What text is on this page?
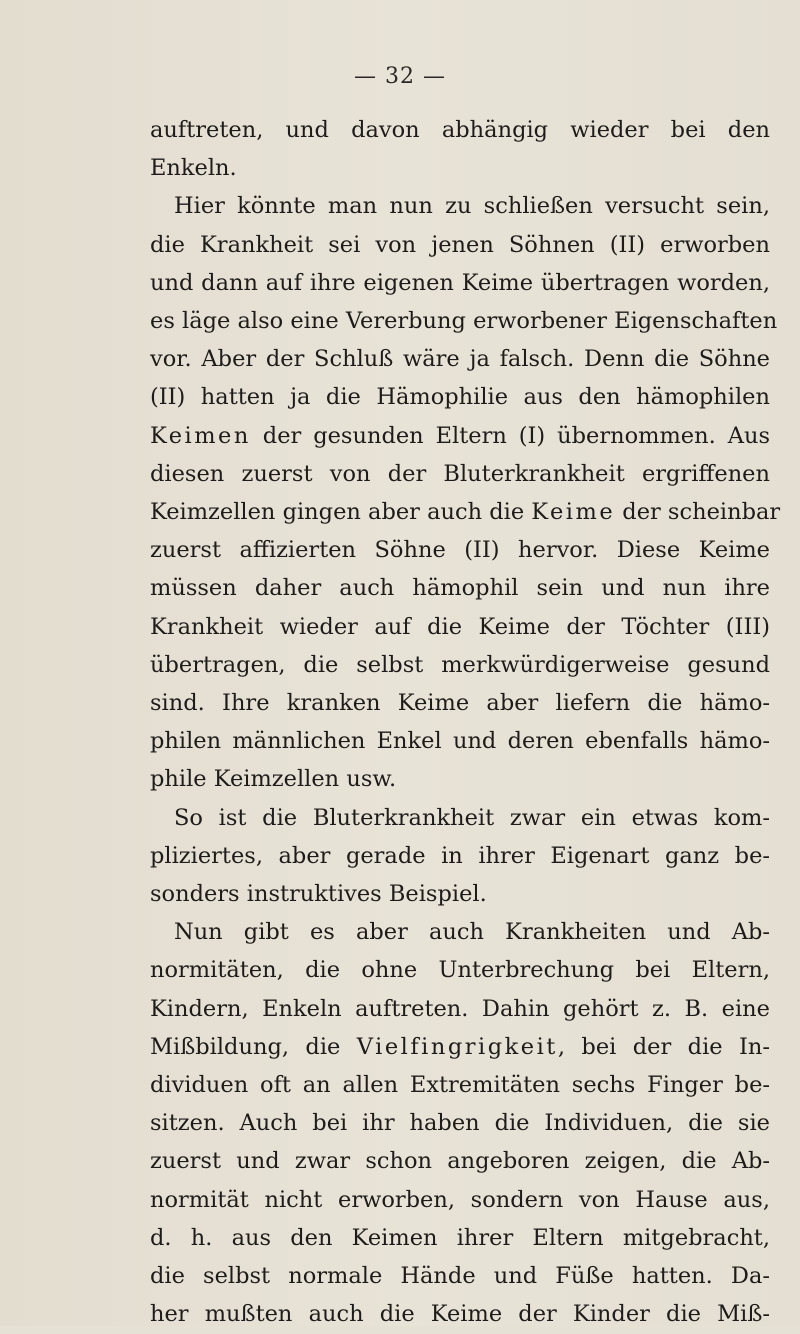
— 32 —
auftreten, und davon abhängig wieder bei den
Enkeln.
Hier könnte man nun zu schließen versucht sein,
die Krankheit sei von jenen Söhnen (II) erworben
und dann auf ihre eigenen Keime übertragen worden,
es läge also eine Vererbung erworbener Eigenschaften
vor. Aber der Schluß wäre ja falsch. Denn die Söhne
(II) hatten ja die Hämophilie aus den hämophilen
Keimen der gesunden Eltern (I) übernommen. Aus
diesen zuerst von der Bluterkrankheit ergriffenen
Keimzellen gingen aber auch die Keime der scheinbar
zuerst affizierten Söhne (II) hervor. Diese Keime
müssen daher auch hämophil sein und nun ihre
Krankheit wieder auf die Keime der Töchter (III)
übertragen, die selbst merkwürdigerweise gesund
sind. Ihre kranken Keime aber liefern die hämo-
philen männlichen Enkel und deren ebenfalls hämo-
phile Keimzellen usw.
So ist die Bluterkrankheit zwar ein etwas kom-
pliziertes, aber gerade in ihrer Eigenart ganz be-
sonders instruktives Beispiel.
Nun gibt es aber auch Krankheiten und Ab-
normitäten, die ohne Unterbrechung bei Eltern,
Kindern, Enkeln auftreten. Dahin gehört z. B. eine
Mißbildung, die Vielfingrigkeit, bei der die In-
dividuen oft an allen Extremitäten sechs Finger be-
sitzen. Auch bei ihr haben die Individuen, die sie
zuerst und zwar schon angeboren zeigen, die Ab-
normität nicht erworben, sondern von Hause aus,
d. h. aus den Keimen ihrer Eltern mitgebracht,
die selbst normale Hände und Füße hatten. Da-
her mußten auch die Keime der Kinder die Miß-
